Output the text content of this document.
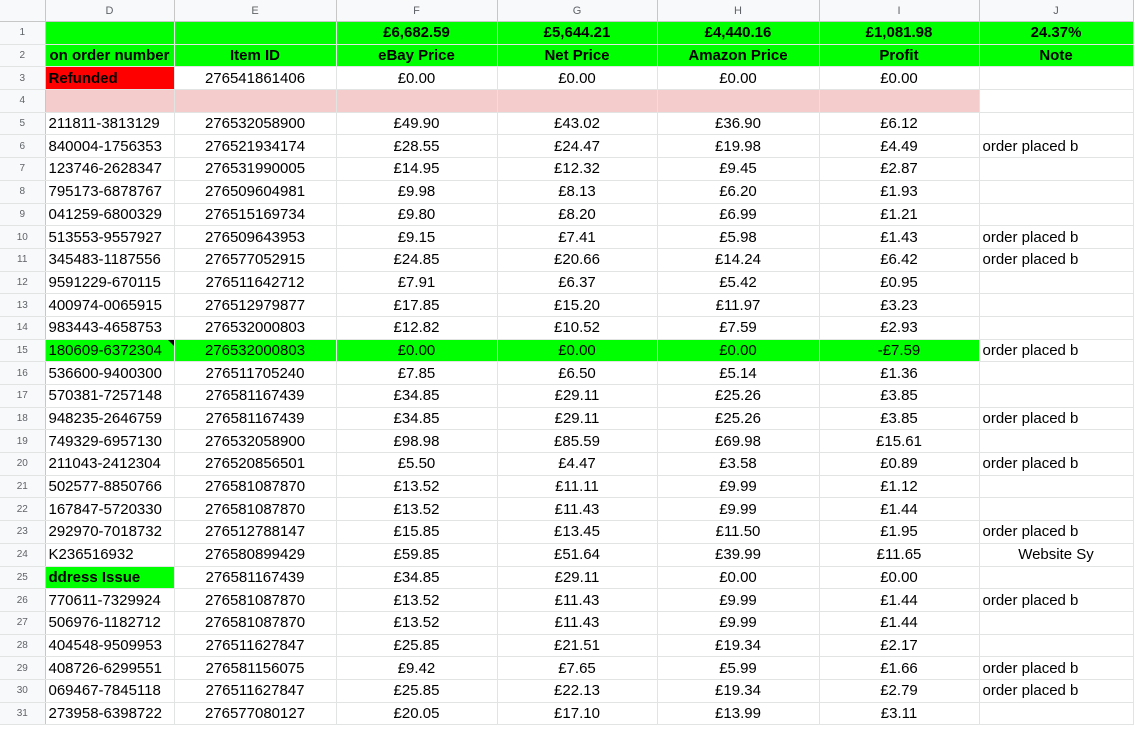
	D	E	F	G	H	I	J
1			£6,682.59	£5,644.21	£4,440.16	£1,081.98	24.37%
2	on order number	Item ID	eBay Price	Net Price	Amazon Price	Profit	Note
3	Refunded	276541861406	£0.00	£0.00	£0.00	£0.00	
4							
5	211811-3813129	276532058900	£49.90	£43.02	£36.90	£6.12	
6	840004-1756353	276521934174	£28.55	£24.47	£19.98	£4.49	order placed b
7	123746-2628347	276531990005	£14.95	£12.32	£9.45	£2.87	
8	795173-6878767	276509604981	£9.98	£8.13	£6.20	£1.93	
9	041259-6800329	276515169734	£9.80	£8.20	£6.99	£1.21	
10	513553-9557927	276509643953	£9.15	£7.41	£5.98	£1.43	order placed b
11	345483-1187556	276577052915	£24.85	£20.66	£14.24	£6.42	order placed b
12	9591229-670115	276511642712	£7.91	£6.37	£5.42	£0.95	
13	400974-0065915	276512979877	£17.85	£15.20	£11.97	£3.23	
14	983443-4658753	276532000803	£12.82	£10.52	£7.59	£2.93	
15	180609-6372304	276532000803	£0.00	£0.00	£0.00	-£7.59	order placed b
16	536600-9400300	276511705240	£7.85	£6.50	£5.14	£1.36	
17	570381-7257148	276581167439	£34.85	£29.11	£25.26	£3.85	
18	948235-2646759	276581167439	£34.85	£29.11	£25.26	£3.85	order placed b
19	749329-6957130	276532058900	£98.98	£85.59	£69.98	£15.61	
20	211043-2412304	276520856501	£5.50	£4.47	£3.58	£0.89	order placed b
21	502577-8850766	276581087870	£13.52	£11.11	£9.99	£1.12	
22	167847-5720330	276581087870	£13.52	£11.43	£9.99	£1.44	
23	292970-7018732	276512788147	£15.85	£13.45	£11.50	£1.95	order placed b
24	K236516932	276580899429	£59.85	£51.64	£39.99	£11.65	Website Sy
25	ddress Issue	276581167439	£34.85	£29.11	£0.00	£0.00	
26	770611-7329924	276581087870	£13.52	£11.43	£9.99	£1.44	order placed b
27	506976-1182712	276581087870	£13.52	£11.43	£9.99	£1.44	
28	404548-9509953	276511627847	£25.85	£21.51	£19.34	£2.17	
29	408726-6299551	276581156075	£9.42	£7.65	£5.99	£1.66	order placed b
30	069467-7845118	276511627847	£25.85	£22.13	£19.34	£2.79	order placed b
31	273958-6398722	276577080127	£20.05	£17.10	£13.99	£3.11	
